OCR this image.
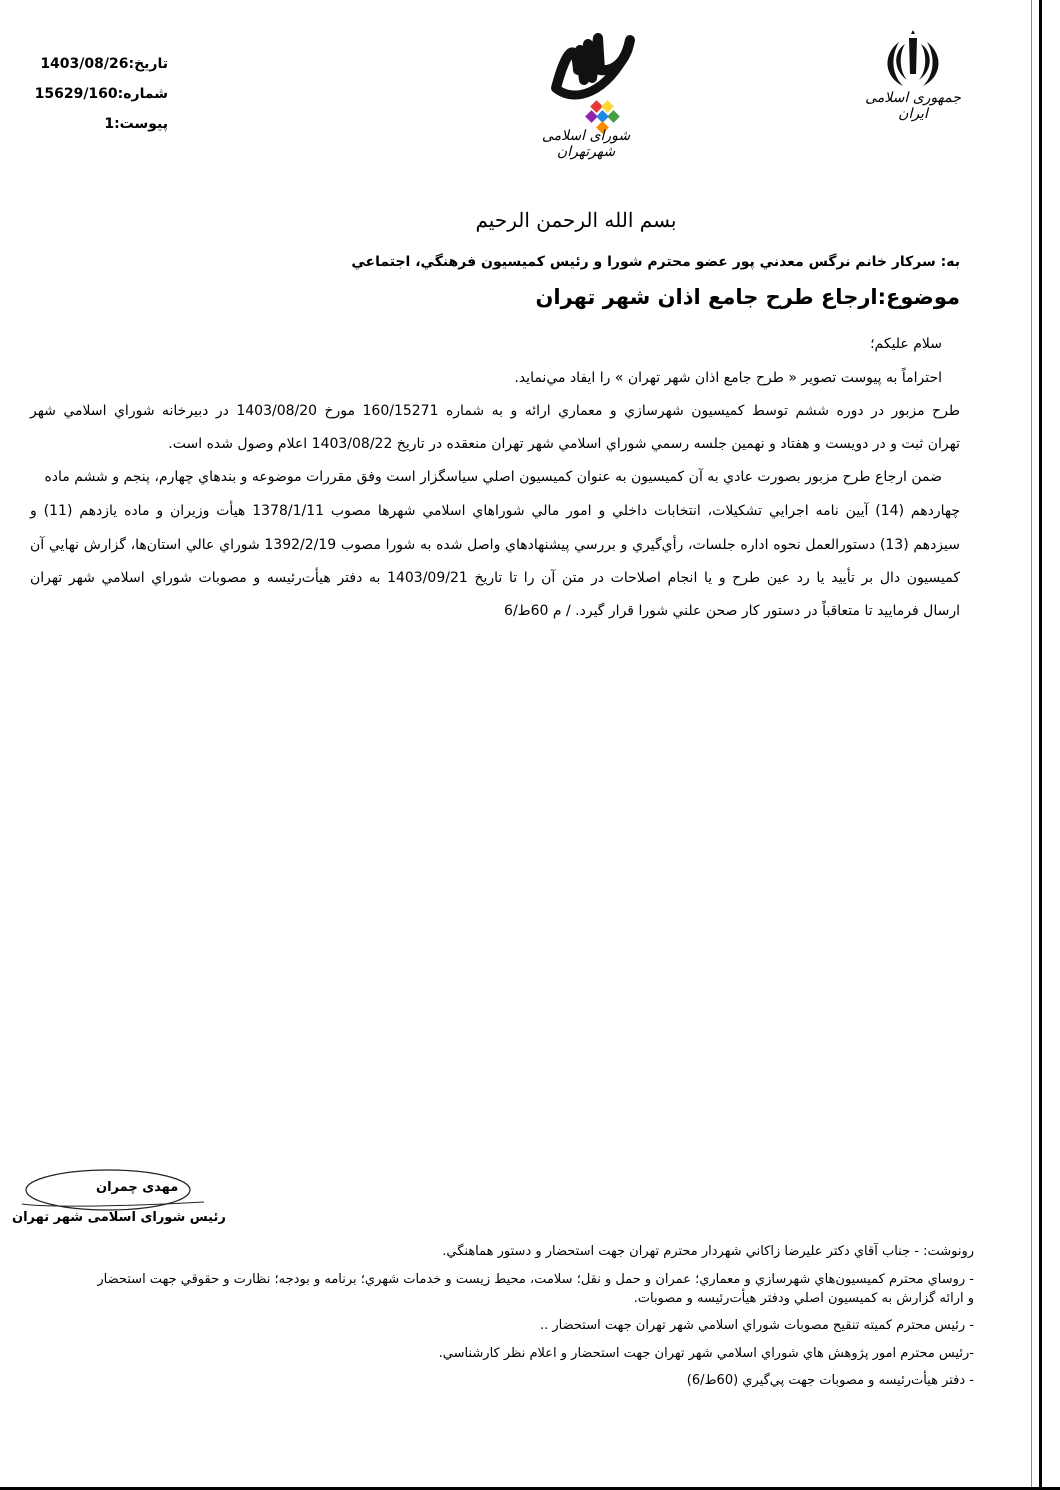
تاريخ:1403/08/26
شماره:15629/160
پيوست:1
شورای اسلامی شهرتهران
جمهوری اسلامی ایران
بسم الله الرحمن الرحيم
به: سركار خانم نرگس معدني پور عضو محترم شورا و رئيس كميسيون فرهنگي، اجتماعي
موضوع:ارجاع طرح جامع اذان شهر تهران
سلام عليكم؛
احتراماً به پيوست تصوير « طرح جامع اذان شهر تهران » را ايفاد مي‌نمايد.
طرح مزبور در دوره ششم توسط كميسيون شهرسازي و معماري ارائه و به شماره 160/15271 مورخ 1403/08/20 در دبيرخانه شوراي اسلامي شهر
تهران ثبت و در دويست و هفتاد و نهمين جلسه رسمي شوراي اسلامي شهر تهران منعقده در تاريخ 1403/08/22 اعلام وصول شده است.
ضمن ارجاع طرح مزبور بصورت عادي به آن كميسيون به عنوان كميسيون اصلي سياسگزار است وفق مقررات موضوعه و بندهاي چهارم، پنجم و ششم ماده
چهاردهم (14) آيين نامه اجرايي تشكيلات، انتخابات داخلي و امور مالي شوراهاي اسلامي شهرها مصوب 1378/1/11 هيأت وزيران و ماده يازدهم (11) و
سيزدهم (13) دستورالعمل نحوه اداره جلسات، رأي‌گيري و بررسي پيشنهادهاي واصل شده به شورا مصوب 1392/2/19 شوراي عالي استان‌ها، گزارش نهايي آن
كميسيون دال بر تأييد يا رد عين طرح و يا انجام اصلاحات در متن آن را تا تاريخ 1403/09/21 به دفتر هيأت‌رئيسه و مصوبات شوراي اسلامي شهر تهران
ارسال فرماييد تا متعاقباً در دستور كار صحن علني شورا قرار گيرد. / م 60ط/6
مهدی چمران
رئیس شورای اسلامی شهر تهران
رونوشت: - جناب آقاي دكتر عليرضا زاكاني شهردار محترم تهران جهت استحضار و دستور هماهنگي.
- روساي محترم كميسيون‌هاي شهرسازي و معماري؛ عمران و حمل و نقل؛ سلامت، محيط زيست و خدمات شهري؛ برنامه و بودجه؛ نظارت و حقوقي جهت استحضار
و ارائه گزارش به كميسيون اصلي ودفتر هيأت‌رئيسه و مصوبات.
- رئيس محترم كميته تنقيح مصوبات شوراي اسلامي شهر تهران جهت استحضار ..
-رئيس محترم امور پژوهش هاي شوراي اسلامي شهر تهران جهت استحضار و اعلام نظر كارشناسي.
- دفتر هيأت‌رئيسه و مصوبات جهت پي‌گيري (60ط/6)
